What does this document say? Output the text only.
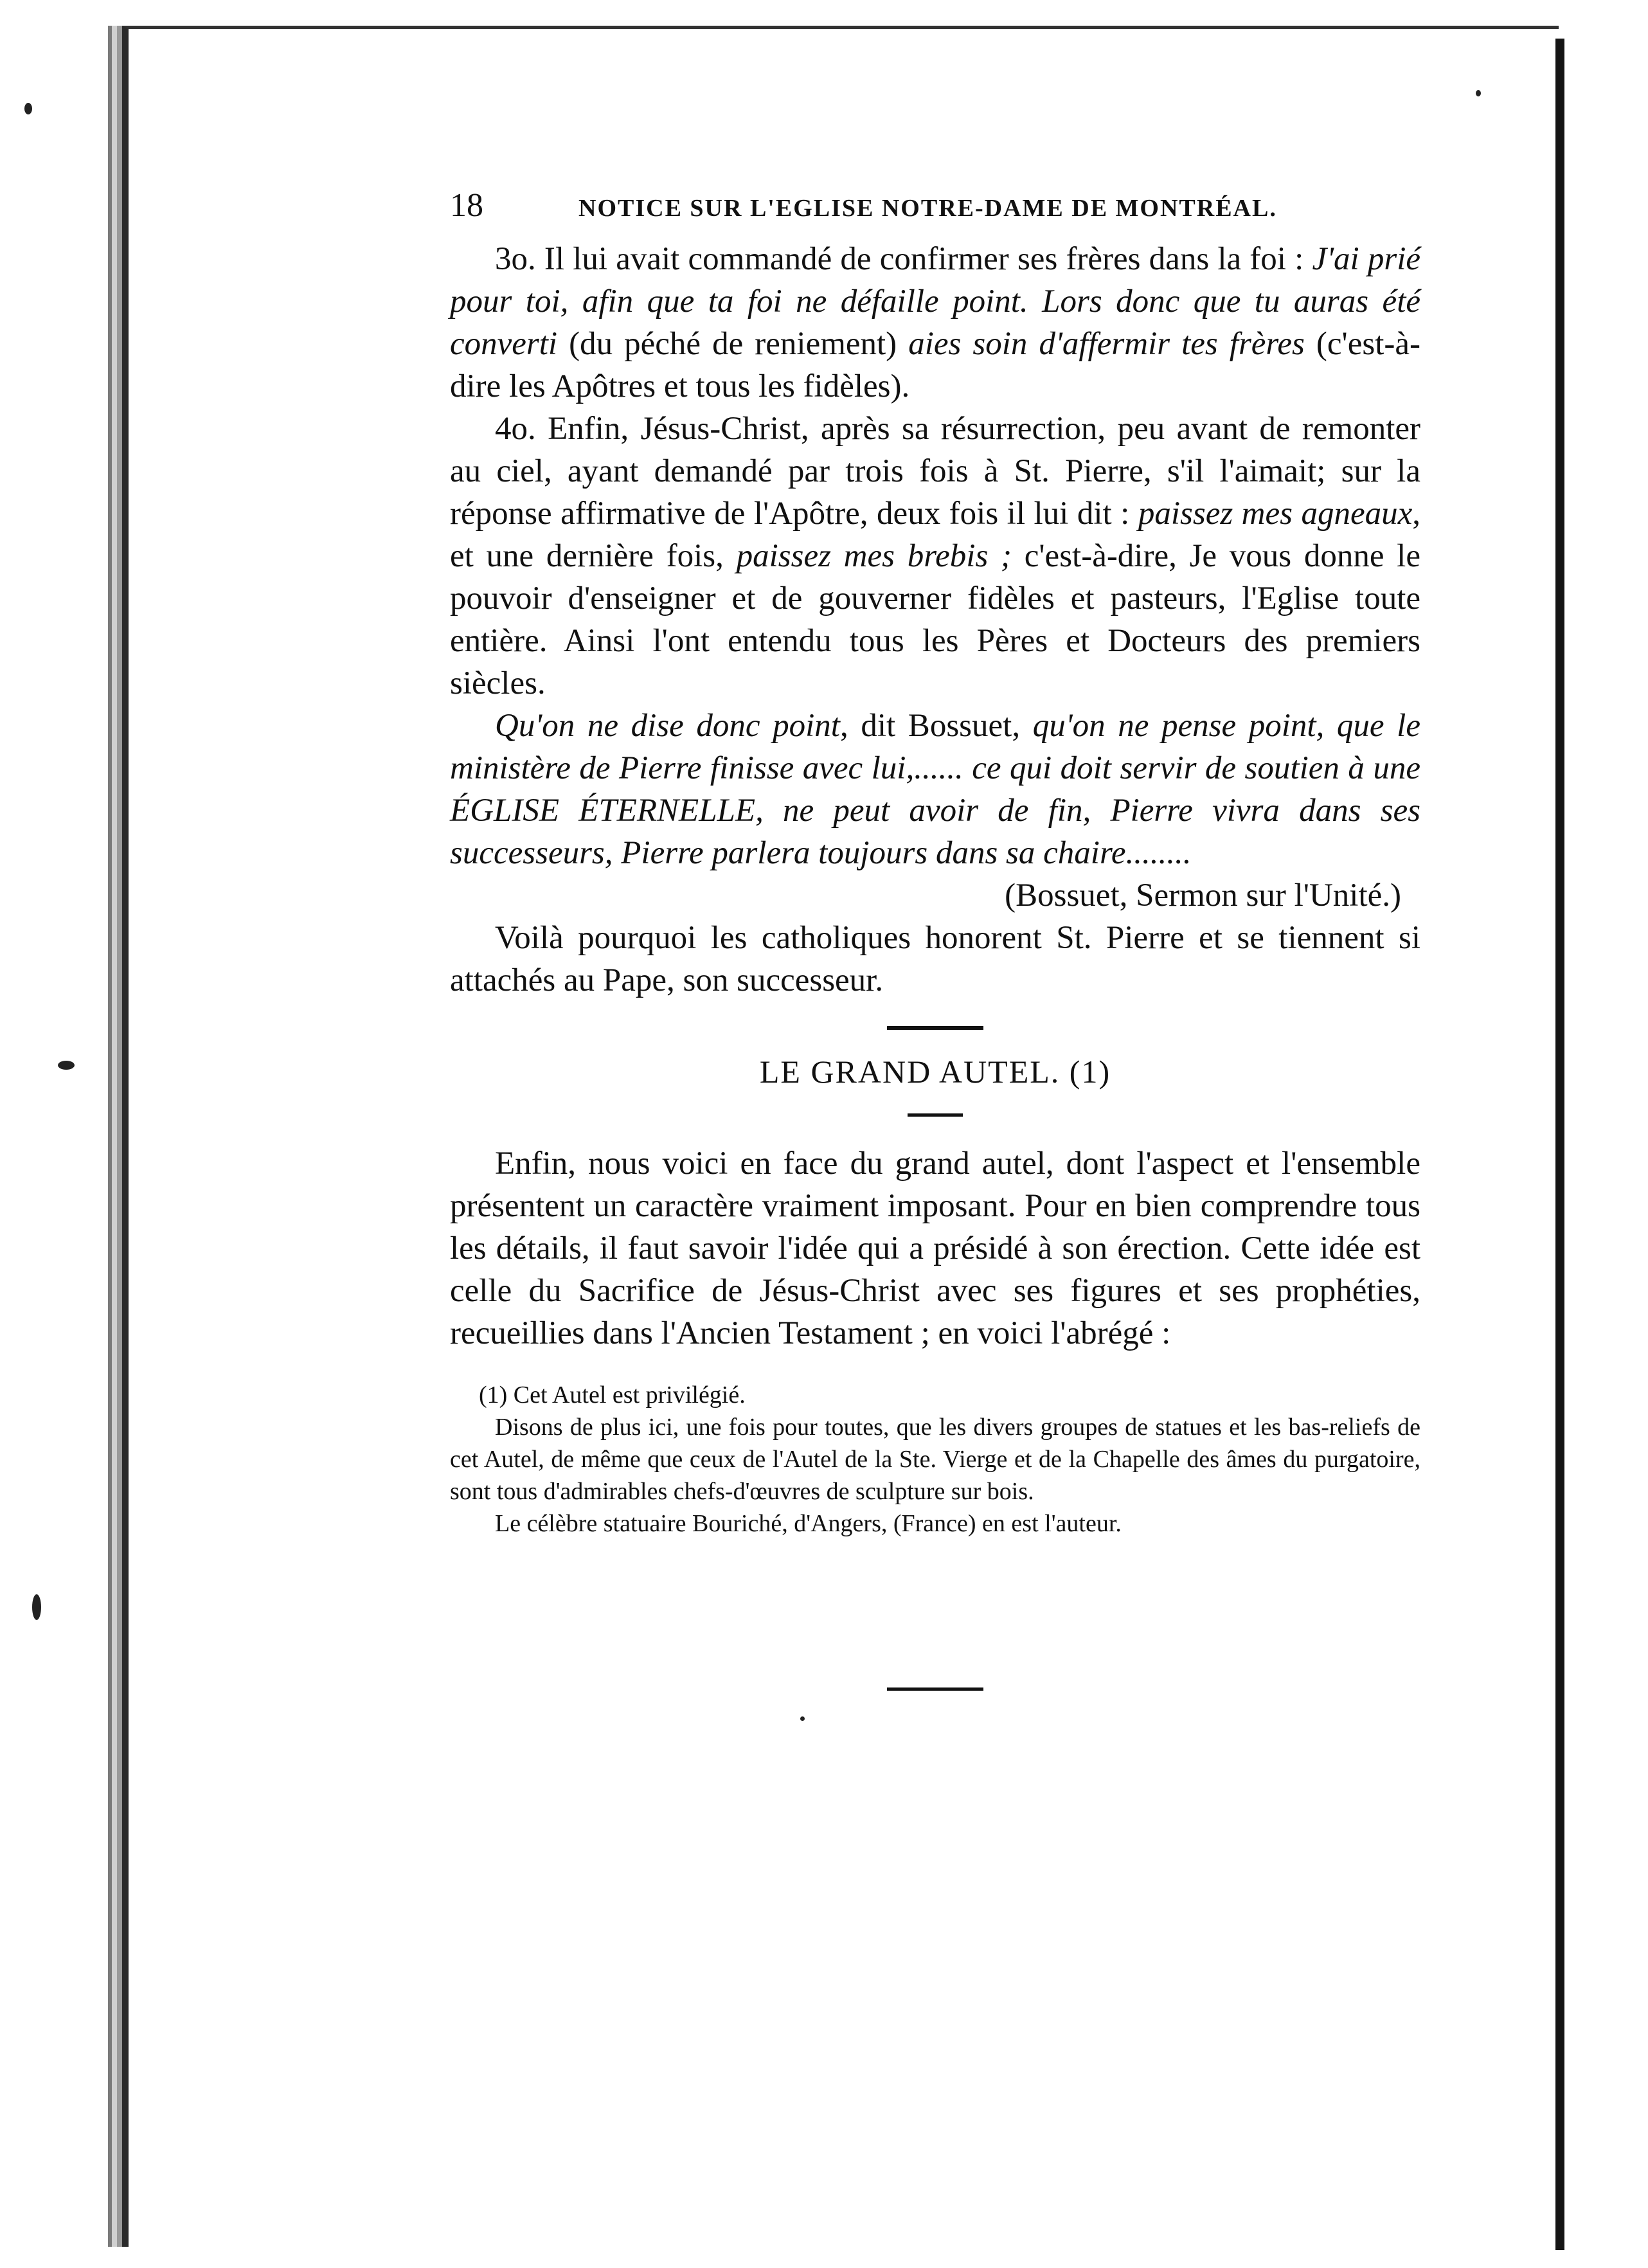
18	NOTICE SUR L'EGLISE NOTRE-DAME DE MONTRÉAL.

3o. Il lui avait commandé de confirmer ses frères dans la foi : J'ai prié pour toi, afin que ta foi ne défaille point. Lors donc que tu auras été converti (du péché de reniement) aies soin d'affermir tes frères (c'est-à-dire les Apôtres et tous les fidèles).

4o. Enfin, Jésus-Christ, après sa résurrection, peu avant de remonter au ciel, ayant demandé par trois fois à St. Pierre, s'il l'aimait; sur la réponse affirmative de l'Apôtre, deux fois il lui dit : paissez mes agneaux, et une dernière fois, paissez mes brebis ; c'est-à-dire, Je vous donne le pouvoir d'enseigner et de gouverner fidèles et pasteurs, l'Eglise toute entière. Ainsi l'ont entendu tous les Pères et Docteurs des premiers siècles.

Qu'on ne dise donc point, dit Bossuet, qu'on ne pense point, que le ministère de Pierre finisse avec lui,...... ce qui doit servir de soutien à une ÉGLISE ÉTERNELLE, ne peut avoir de fin, Pierre vivra dans ses successeurs, Pierre parlera toujours dans sa chaire........

(Bossuet, Sermon sur l'Unité.)

Voilà pourquoi les catholiques honorent St. Pierre et se tiennent si attachés au Pape, son successeur.

LE GRAND AUTEL. (1)

Enfin, nous voici en face du grand autel, dont l'aspect et l'ensemble présentent un caractère vraiment imposant. Pour en bien comprendre tous les détails, il faut savoir l'idée qui a présidé à son érection. Cette idée est celle du Sacrifice de Jésus-Christ avec ses figures et ses prophéties, recueillies dans l'Ancien Testament ; en voici l'abrégé :

(1) Cet Autel est privilégié.

Disons de plus ici, une fois pour toutes, que les divers groupes de statues et les bas-reliefs de cet Autel, de même que ceux de l'Autel de la Ste. Vierge et de la Chapelle des âmes du purgatoire, sont tous d'admirables chefs-d'œuvres de sculpture sur bois.

Le célèbre statuaire Bouriché, d'Angers, (France) en est l'auteur.
